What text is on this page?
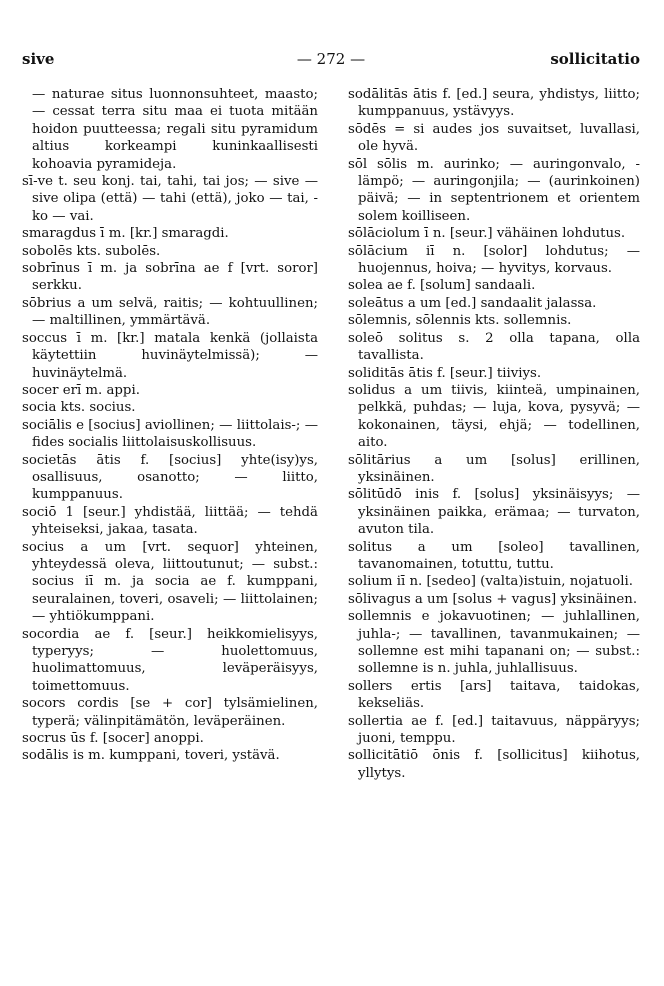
sive	— 272 —	sollicitatio

— naturae situs luonnonsuhteet, maasto; — cessat terra situ maa ei tuota mitään hoidon puutteessa; regali situ pyramidum altius korkeampi kuninkaallisesti kohoavia pyramideja.

sī-ve t. seu konj. tai, tahi, tai jos; — sive — sive olipa (että) — tahi (että), joko — tai, -ko — vai.

smaragdus ī m. [kr.] smaragdi.

sobolēs kts. subolēs.

sobrīnus ī m. ja sobrīna ae f [vrt. soror] serkku.

sōbrius a um selvä, raitis; — kohtuullinen; — maltillinen, ymmärtävä.

soccus ī m. [kr.] matala kenkä (jollaista käytettiin huvinäytelmissä); — huvinäytelmä.

socer erī m. appi.

socia kts. socius.

sociālis e [socius] aviollinen; — liittolais-; — fides socialis liittolaisuskollisuus.

societās ātis f. [socius] yhte(isy)ys, osallisuus, osanotto; — liitto, kumppanuus.

sociō 1 [seur.] yhdistää, liittää; — tehdä yhteiseksi, jakaa, tasata.

socius a um [vrt. sequor] yhteinen, yhteydessä oleva, liittoutunut; — subst.: socius iī m. ja socia ae f. kumppani, seuralainen, toveri, osaveli; — liittolainen; — yhtiökumppani.

socordia ae f. [seur.] heikkomielisyys, typeryys; — huolettomuus, huolimattomuus, leväperäisyys, toimettomuus.

socors cordis [se + cor] tylsämielinen, typerä; välinpitämätön, leväperäinen.

socrus ūs f. [socer] anoppi.

sodālis is m. kumppani, toveri, ystävä.

sodālitās ātis f. [ed.] seura, yhdistys, liitto; kumppanuus, ystävyys.

sōdēs = si audes jos suvaitset, luvallasi, ole hyvä.

sōl sōlis m. aurinko; — auringonvalo, -lämpö; — auringonjila; — (aurinkoinen) päivä; — in septentrionem et orientem solem koilliseen.

sōlāciolum ī n. [seur.] vähäinen lohdutus.

sōlācium iī n. [solor] lohdutus; — huojennus, hoiva; — hyvitys, korvaus.

solea ae f. [solum] sandaali.

soleātus a um [ed.] sandaalit jalassa.

sōlemnis, sōlennis kts. sollemnis.

soleō solitus s. 2 olla tapana, olla tavallista.

soliditās ātis f. [seur.] tiiviys.

solidus a um tiivis, kiinteä, umpinainen, pelkkä, puhdas; — luja, kova, pysyvä; — kokonainen, täysi, ehjä; — todellinen, aito.

sōlitārius a um [solus] erillinen, yksinäinen.

sōlitūdō inis f. [solus] yksinäisyys; — yksinäinen paikka, erämaa; — turvaton, avuton tila.

solitus a um [soleo] tavallinen, tavanomainen, totuttu, tuttu.

solium iī n. [sedeo] (valta)istuin, nojatuoli.

sōlivagus a um [solus + vagus] yksinäinen.

sollemnis e jokavuotinen; — juhlallinen, juhla-; — tavallinen, tavanmukainen; — sollemne est mihi tapanani on; — subst.: sollemne is n. juhla, juhlallisuus.

sollers ertis [ars] taitava, taidokas, kekseliäs.

sollertia ae f. [ed.] taitavuus, näppäryys; juoni, temppu.

sollicitātiō ōnis f. [sollicitus] kiihotus, yllytys.
